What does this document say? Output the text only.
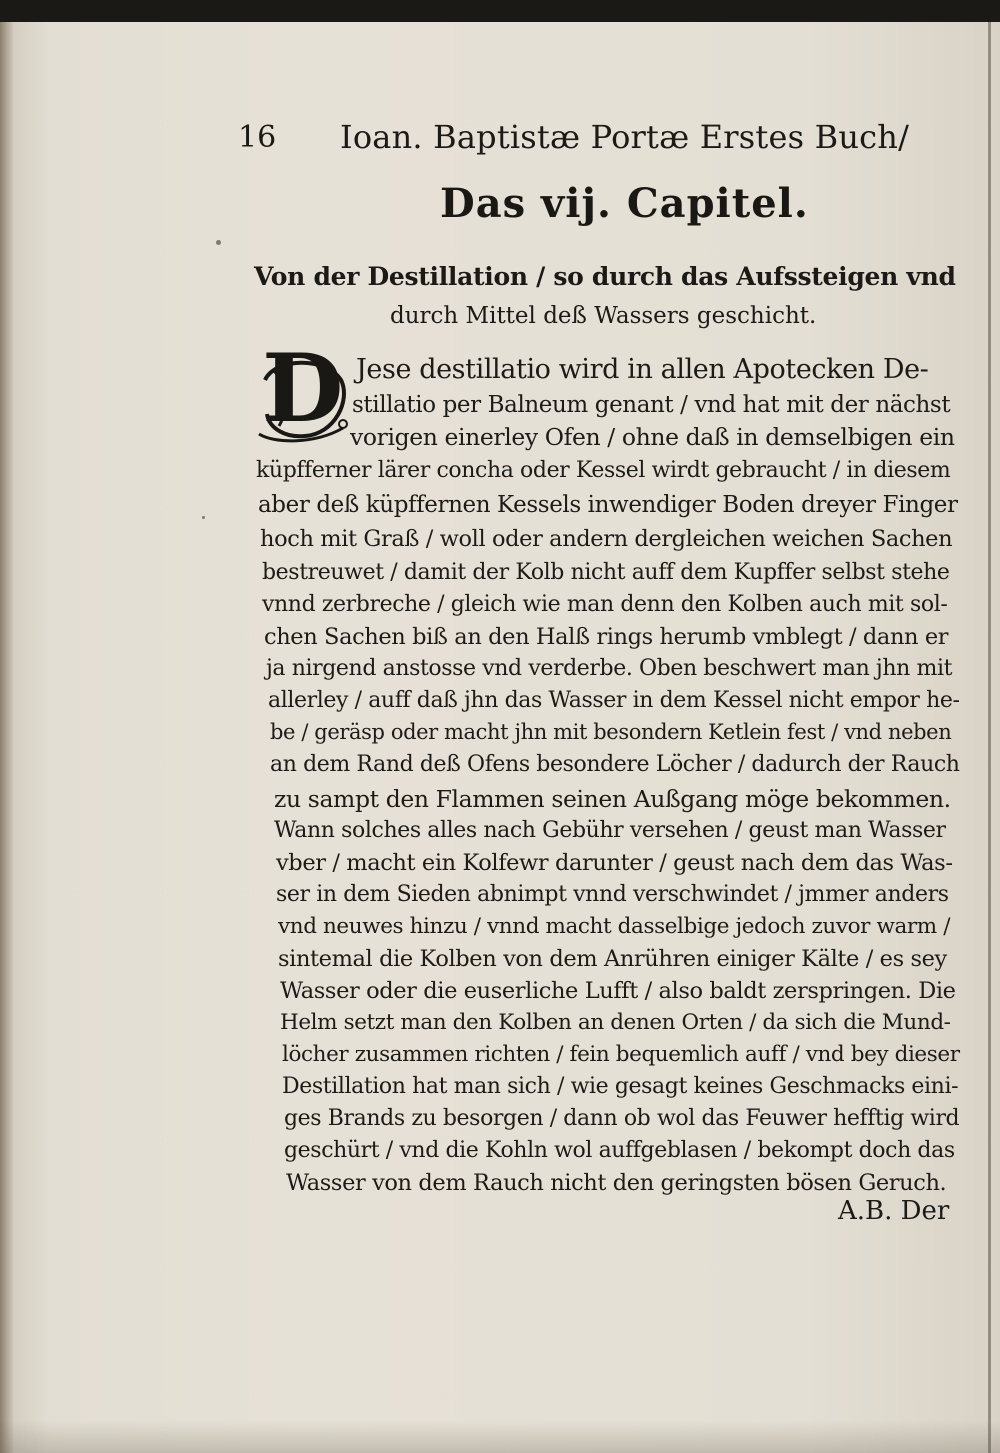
16 Ioan. Baptistæ Portæ Erstes Buch/
Das vij. Capitel.
Von der Destillation / so durch das Aufssteigen vnd
durch Mittel deß Wassers geschicht.
D Jese destillatio wird in allen Apotecken De-
stillatio per Balneum genant / vnd hat mit der nächst
vorigen einerley Ofen / ohne daß in demselbigen ein
küpfferner lärer concha oder Kessel wirdt gebraucht / in diesem
aber deß küpffernen Kessels inwendiger Boden dreyer Finger
hoch mit Graß / woll oder andern dergleichen weichen Sachen
bestreuwet / damit der Kolb nicht auff dem Kupffer selbst stehe
vnnd zerbreche / gleich wie man denn den Kolben auch mit sol-
chen Sachen biß an den Halß rings herumb vmblegt / dann er
ja nirgend anstosse vnd verderbe. Oben beschwert man jhn mit
allerley / auff daß jhn das Wasser in dem Kessel nicht empor he-
be / geräsp oder macht jhn mit besondern Ketlein fest / vnd neben
an dem Rand deß Ofens besondere Löcher / dadurch der Rauch
zu sampt den Flammen seinen Außgang möge bekommen.
Wann solches alles nach Gebühr versehen / geust man Wasser
vber / macht ein Kolfewr darunter / geust nach dem das Was-
ser in dem Sieden abnimpt vnnd verschwindet / jmmer anders
vnd neuwes hinzu / vnnd macht dasselbige jedoch zuvor warm /
sintemal die Kolben von dem Anrühren einiger Kälte / es sey
Wasser oder die euserliche Lufft / also baldt zerspringen. Die
Helm setzt man den Kolben an denen Orten / da sich die Mund-
löcher zusammen richten / fein bequemlich auff / vnd bey dieser
Destillation hat man sich / wie gesagt keines Geschmacks eini-
ges Brands zu besorgen / dann ob wol das Feuwer hefftig wird
geschürt / vnd die Kohln wol auffgeblasen / bekompt doch das
Wasser von dem Rauch nicht den geringsten bösen Geruch.
A.B. Der
